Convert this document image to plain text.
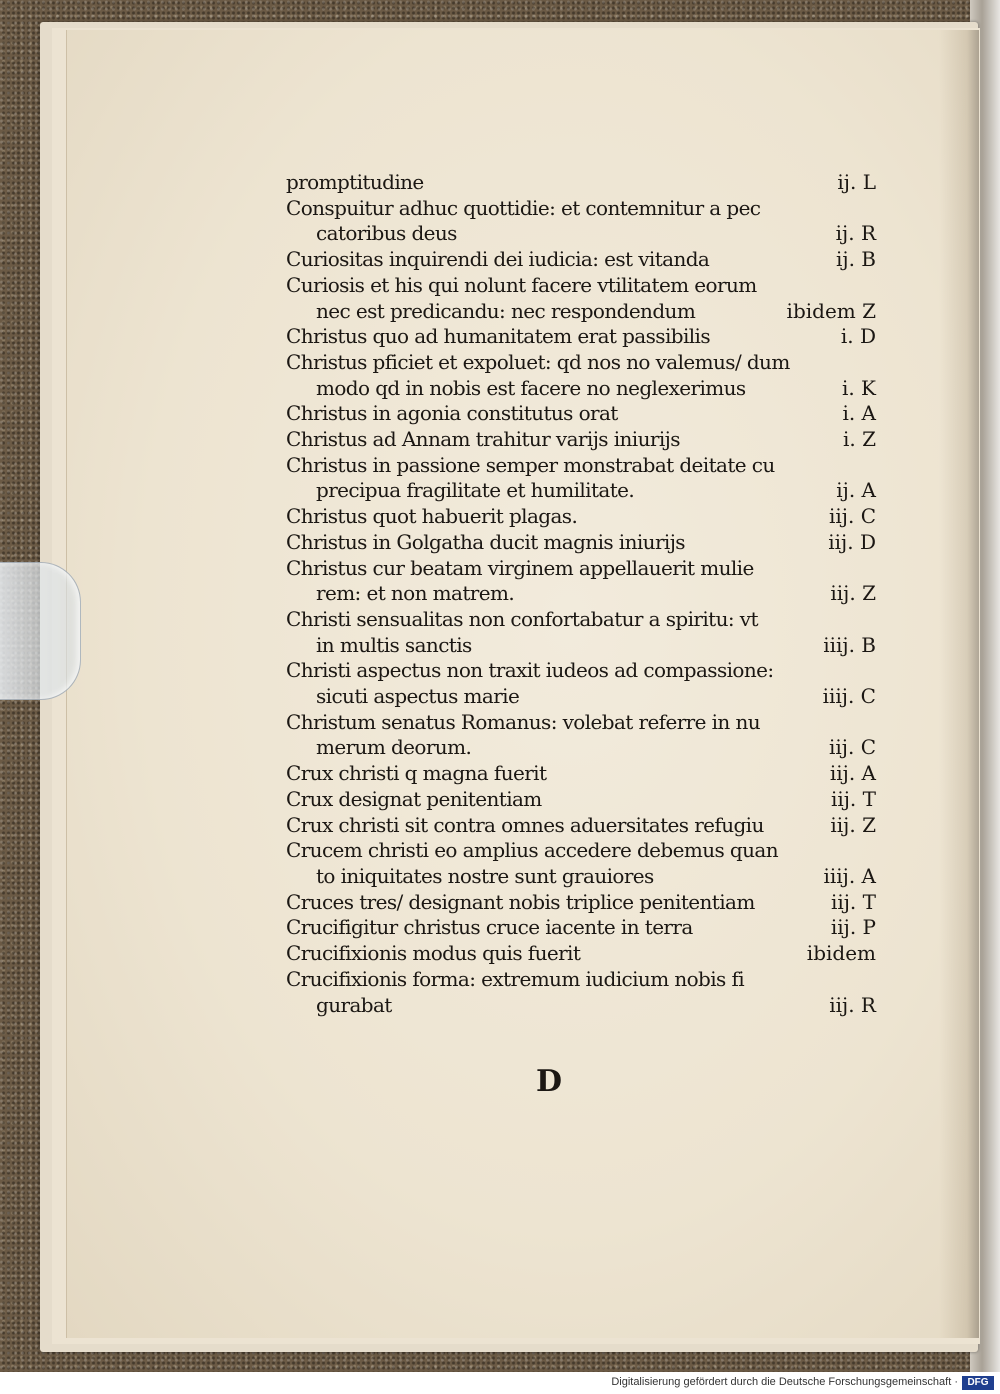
promptitudine	ij. L
Conspuitur adhuc quottidie: et contemnitur a pec
catoribus deus	ij. R
Curiositas inquirendi dei iudicia: est vitanda	ij. B
Curiosis et his qui nolunt facere vtilitatem eorum
nec est predicandu: nec respondendum	ibidem Z
Christus quo ad humanitatem erat passibilis	i. D
Christus pficiet et expoluet: qd nos no valemus/ dum
modo qd in nobis est facere no neglexerimus	i. K
Christus in agonia constitutus orat	i. A
Christus ad Annam trahitur varijs iniurijs	i. Z
Christus in passione semper monstrabat deitate cu
precipua fragilitate et humilitate.	ij. A
Christus quot habuerit plagas.	iij. C
Christus in Golgatha ducit magnis iniurijs	iij. D
Christus cur beatam virginem appellauerit mulie
rem: et non matrem.	iij. Z
Christi sensualitas non confortabatur a spiritu: vt
in multis sanctis	iiij. B
Christi aspectus non traxit iudeos ad compassione:
sicuti aspectus marie	iiij. C
Christum senatus Romanus: volebat referre in nu
merum deorum.	iij. C
Crux christi q magna fuerit	iij. A
Crux designat penitentiam	iij. T
Crux christi sit contra omnes aduersitates refugiu	iij. Z
Crucem christi eo amplius accedere debemus quan
to iniquitates nostre sunt grauiores	iiij. A
Cruces tres/ designant nobis triplice penitentiam	iij. T
Crucifigitur christus cruce iacente in terra	iij. P
Crucifixionis modus quis fuerit	ibidem
Crucifixionis forma: extremum iudicium nobis fi
gurabat	iij. R
D
Digitalisierung gefördert durch die Deutsche Forschungsgemeinschaft · DFG
